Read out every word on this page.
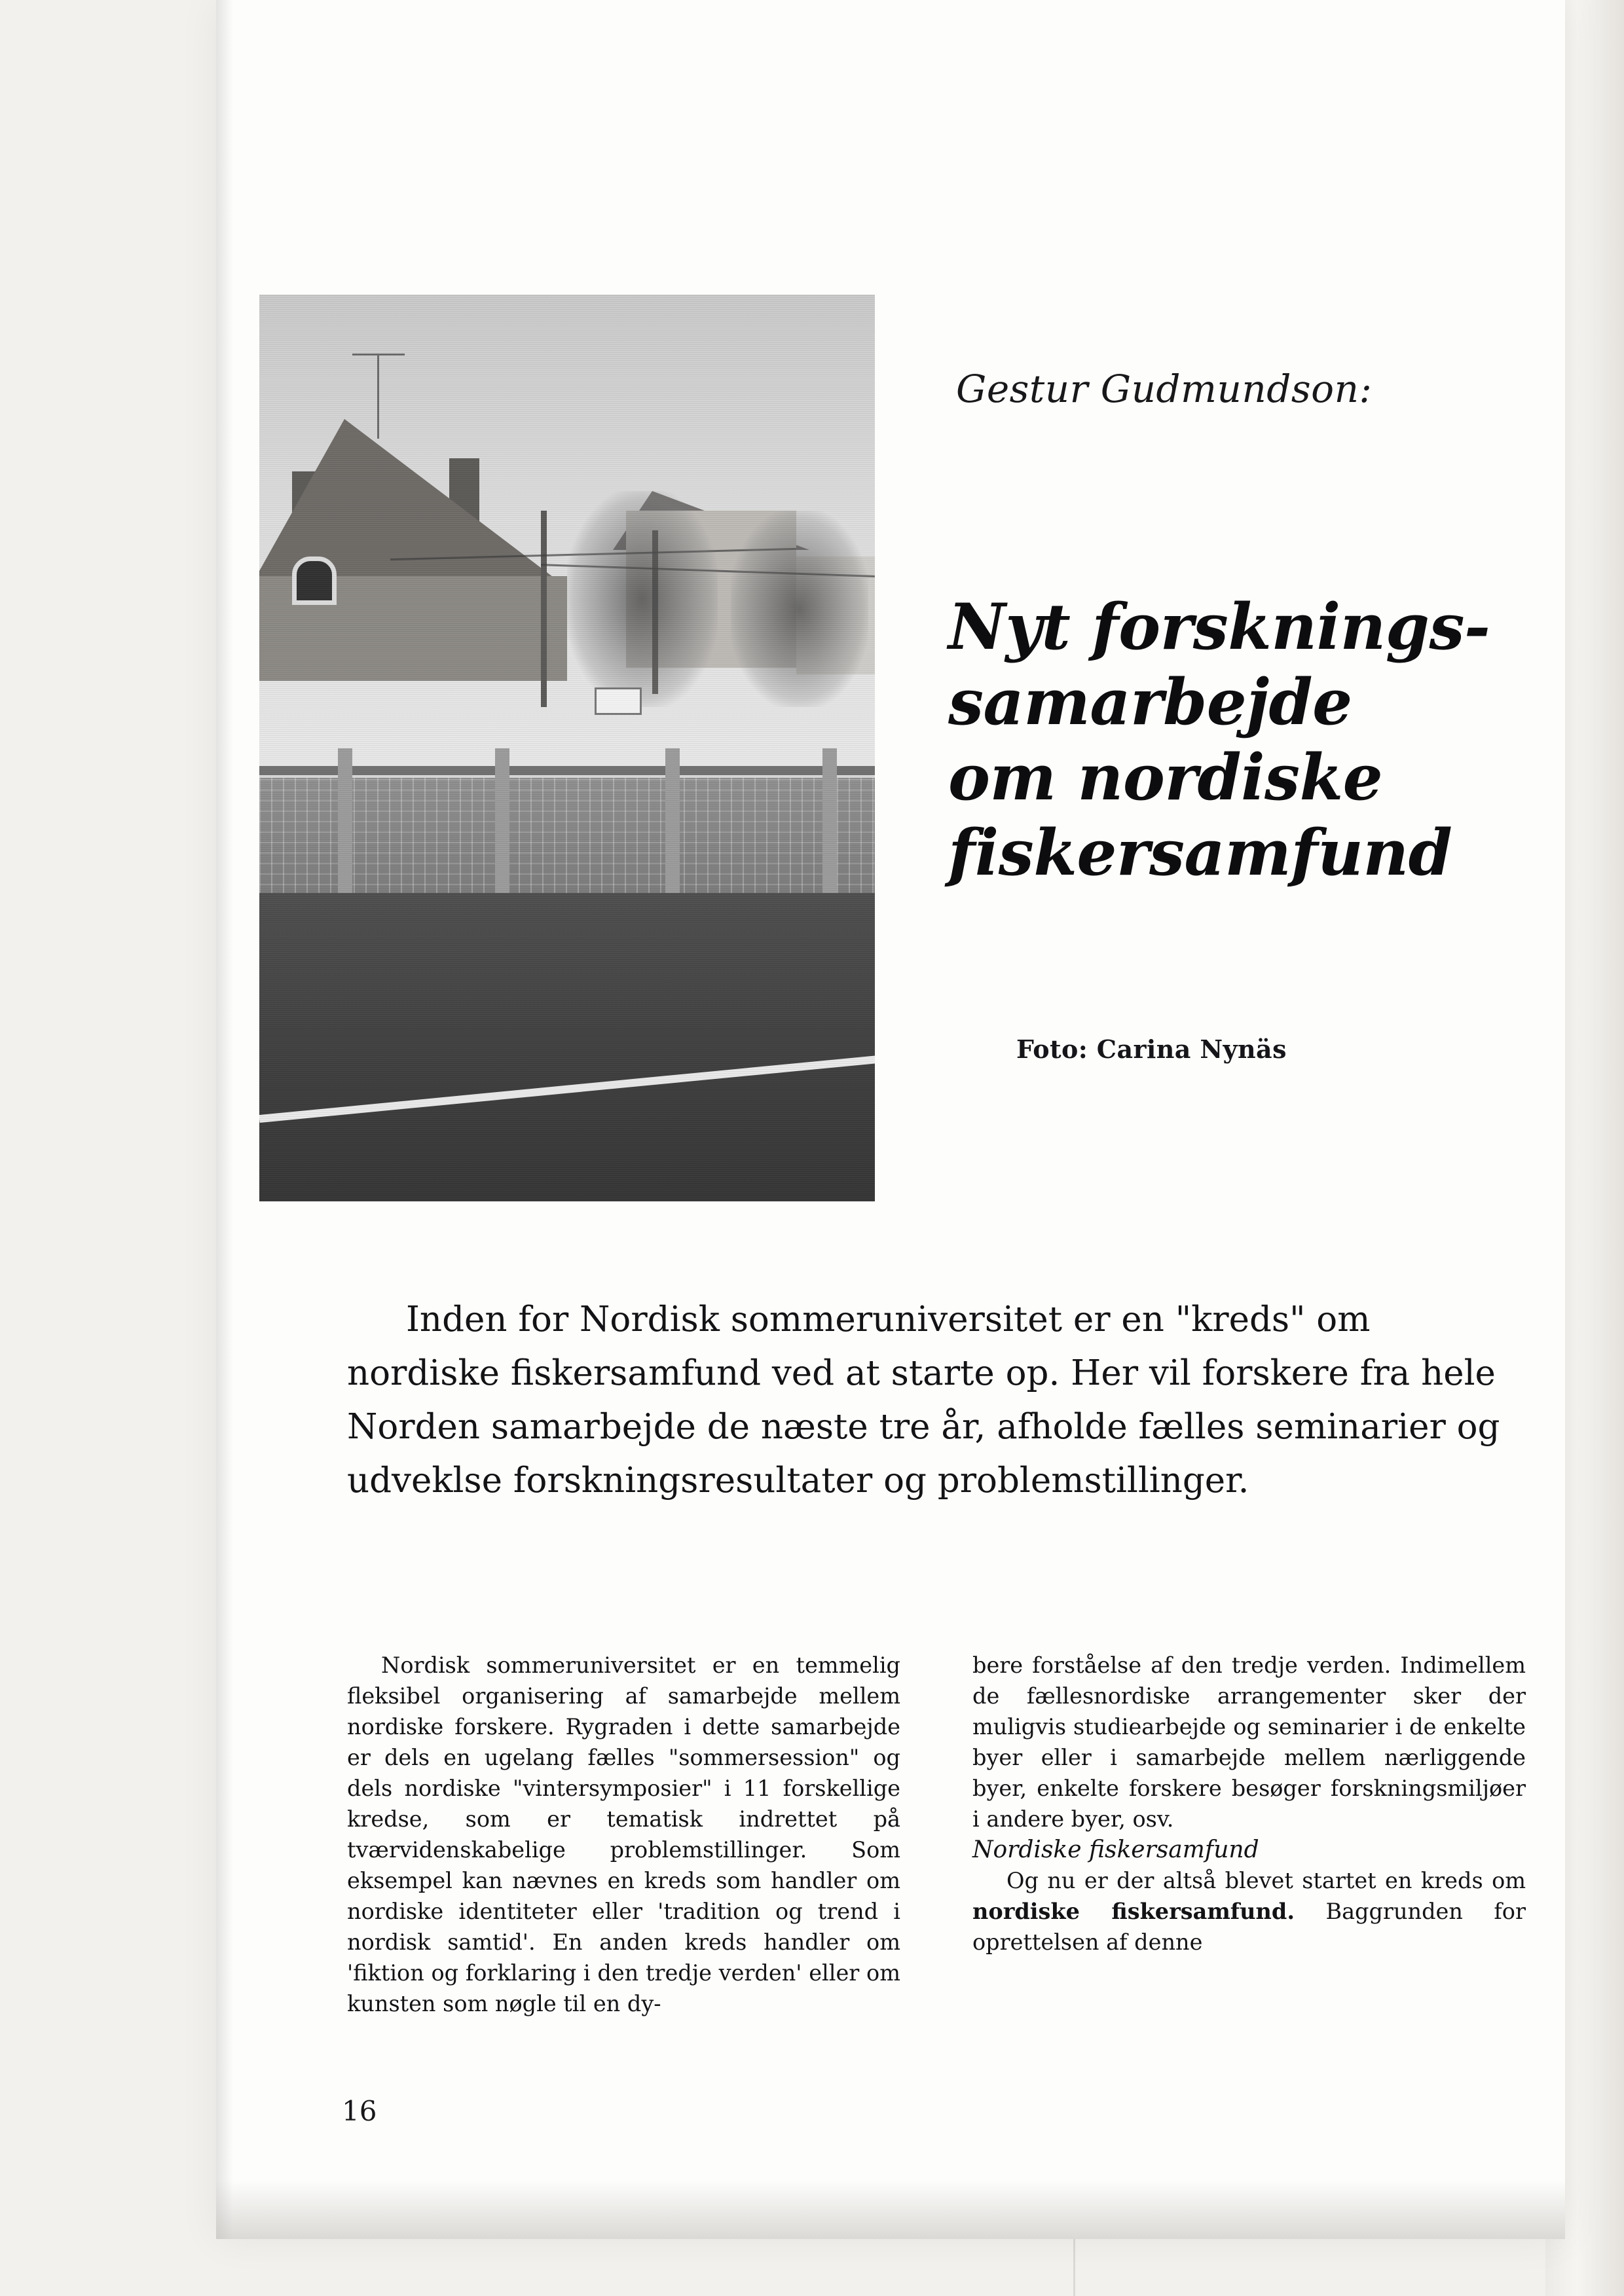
Gestur Gudmundson:
Nyt forsknings-
samarbejde
om nordiske
fiskersamfund
Foto: Carina Nynäs
Inden for Nordisk sommeruniversitet er en "kreds" om nordiske fiskersamfund ved at starte op. Her vil forskere fra hele Norden samarbejde de næste tre år, afholde fælles seminarier og udveklse forskningsresultater og problemstillinger.

Nordisk sommeruniversitet er en temmelig fleksibel organisering af samarbejde mellem nordiske forskere. Rygraden i dette samarbejde er dels en ugelang fælles "sommersession" og dels nordiske "vintersymposier" i 11 forskellige kredse, som er tematisk indrettet på tværvidenskabelige problemstillinger. Som eksempel kan nævnes en kreds som handler om nordiske identiteter eller 'tradition og trend i nordisk samtid'. En anden kreds handler om 'fiktion og forklaring i den tredje verden' eller om kunsten som nøgle til en dy-

bere forståelse af den tredje verden. Indimellem de fællesnordiske arrangementer sker der muligvis studiearbejde og seminarier i de enkelte byer eller i samarbejde mellem nærliggende byer, enkelte forskere besøger forskningsmiljøer i andere byer, osv.

Nordiske fiskersamfund

Og nu er der altså blevet startet en kreds om nordiske fiskersamfund. Baggrunden for oprettelsen af denne

16
